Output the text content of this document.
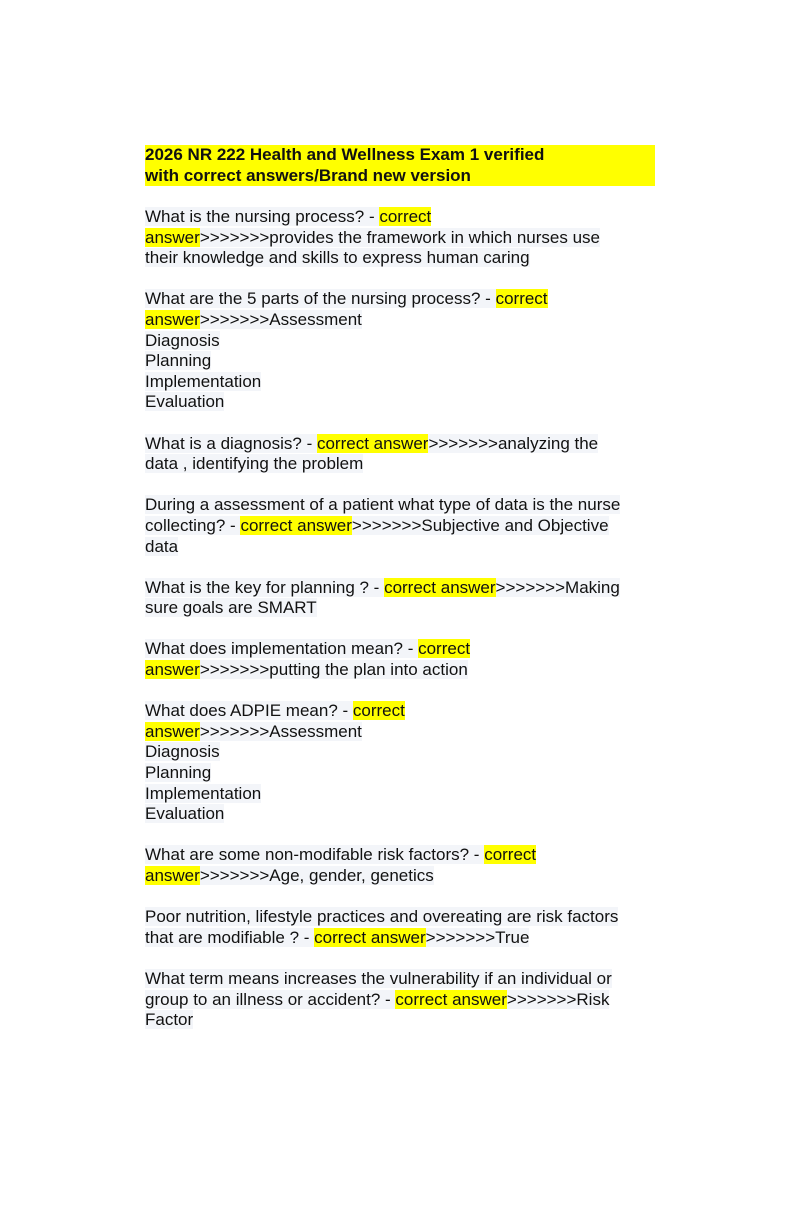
2026 NR 222 Health and Wellness Exam 1 verified
with correct answers/Brand new version
What is the nursing process? - correct
answer>>>>>>>provides the framework in which nurses use
their knowledge and skills to express human caring
What are the 5 parts of the nursing process? - correct
answer>>>>>>>Assessment
Diagnosis
Planning
Implementation
Evaluation
What is a diagnosis? - correct answer>>>>>>>analyzing the
data , identifying the problem
During a assessment of a patient what type of data is the nurse
collecting? - correct answer>>>>>>>Subjective and Objective
data
What is the key for planning ? - correct answer>>>>>>>Making
sure goals are SMART
What does implementation mean? - correct
answer>>>>>>>putting the plan into action
What does ADPIE mean? - correct
answer>>>>>>>Assessment
Diagnosis
Planning
Implementation
Evaluation
What are some non-modifable risk factors? - correct
answer>>>>>>>Age, gender, genetics
Poor nutrition, lifestyle practices and overeating are risk factors
that are modifiable ? - correct answer>>>>>>>True
What term means increases the vulnerability if an individual or
group to an illness or accident? - correct answer>>>>>>>Risk
Factor
